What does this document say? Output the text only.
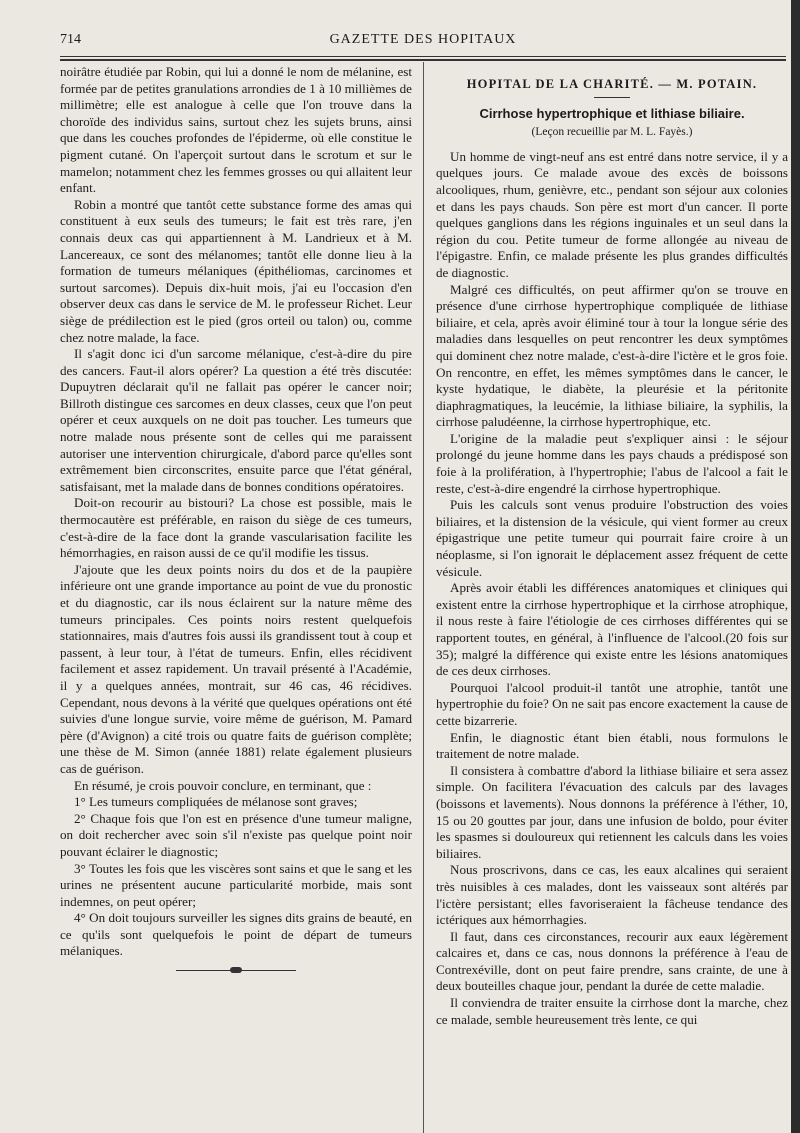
714	GAZETTE DES HOPITAUX

noirâtre étudiée par Robin, qui lui a donné le nom de mélanine, est formée par de petites granulations arrondies de 1 à 10 millièmes de millimètre; elle est analogue à celle que l'on trouve dans la choroïde des individus sains, surtout chez les sujets bruns, ainsi que dans les couches profondes de l'épiderme, où elle constitue le pigment cutané. On l'aperçoit surtout dans le scrotum et sur le mamelon; notamment chez les femmes grosses ou qui allaitent leur enfant.

Robin a montré que tantôt cette substance forme des amas qui constituent à eux seuls des tumeurs; le fait est très rare, j'en connais deux cas qui appartiennent à M. Landrieux et à M. Lancereaux, ce sont des mélanomes; tantôt elle donne lieu à la formation de tumeurs mélaniques (épithéliomas, carcinomes et surtout sarcomes). Depuis dix-huit mois, j'ai eu l'occasion d'en observer deux cas dans le service de M. le professeur Richet. Leur siège de prédilection est le pied (gros orteil ou talon) ou, comme chez notre malade, la face.

Il s'agit donc ici d'un sarcome mélanique, c'est-à-dire du pire des cancers. Faut-il alors opérer? La question a été très discutée: Dupuytren déclarait qu'il ne fallait pas opérer le cancer noir; Billroth distingue ces sarcomes en deux classes, ceux que l'on peut opérer et ceux auxquels on ne doit pas toucher. Les tumeurs que notre malade nous présente sont de celles qui me paraissent autoriser une intervention chirurgicale, d'abord parce qu'elles sont extrêmement bien circonscrites, ensuite parce que l'état général, satisfaisant, met la malade dans de bonnes conditions opératoires.

Doit-on recourir au bistouri? La chose est possible, mais le thermocautère est préférable, en raison du siège de ces tumeurs, c'est-à-dire de la face dont la grande vascularisation facilite les hémorrhagies, en raison aussi de ce qu'il modifie les tissus.

J'ajoute que les deux points noirs du dos et de la paupière inférieure ont une grande importance au point de vue du pronostic et du diagnostic, car ils nous éclairent sur la nature même des tumeurs principales. Ces points noirs restent quelquefois stationnaires, mais d'autres fois aussi ils grandissent tout à coup et passent, à leur tour, à l'état de tumeurs. Enfin, elles récidivent facilement et assez rapidement. Un travail présenté à l'Académie, il y a quelques années, montrait, sur 46 cas, 46 récidives. Cependant, nous devons à la vérité que quelques opérations ont été suivies d'une longue survie, voire même de guérison, M. Pamard père (d'Avignon) a cité trois ou quatre faits de guérison complète; une thèse de M. Simon (année 1881) relate également plusieurs cas de guérison.

En résumé, je crois pouvoir conclure, en terminant, que :

1° Les tumeurs compliquées de mélanose sont graves;

2° Chaque fois que l'on est en présence d'une tumeur maligne, on doit rechercher avec soin s'il n'existe pas quelque point noir pouvant éclairer le diagnostic;

3° Toutes les fois que les viscères sont sains et que le sang et les urines ne présentent aucune particularité morbide, mais sont indemnes, on peut opérer;

4° On doit toujours surveiller les signes dits grains de beauté, en ce qu'ils sont quelquefois le point de départ de tumeurs mélaniques.

HOPITAL DE LA CHARITÉ. — M. POTAIN.
Cirrhose hypertrophique et lithiase biliaire.
(Leçon recueillie par M. L. Fayès.)

Un homme de vingt-neuf ans est entré dans notre service, il y a quelques jours. Ce malade avoue des excès de boissons alcooliques, rhum, genièvre, etc., pendant son séjour aux colonies et dans les pays chauds. Son père est mort d'un cancer. Il porte quelques ganglions dans les régions inguinales et un seul dans la région du cou. Petite tumeur de forme allongée au niveau de l'épigastre. Enfin, ce malade présente les plus grandes difficultés de diagnostic.

Malgré ces difficultés, on peut affirmer qu'on se trouve en présence d'une cirrhose hypertrophique compliquée de lithiase biliaire, et cela, après avoir éliminé tour à tour la longue série des maladies dans lesquelles on peut rencontrer les deux symptômes qui dominent chez notre malade, c'est-à-dire l'ictère et le gros foie. On rencontre, en effet, les mêmes symptômes dans le cancer, le kyste hydatique, le diabète, la pleurésie et la péritonite diaphragmatiques, la leucémie, la lithiase biliaire, la syphilis, la cirrhose paludéenne, la cirrhose hypertrophique, etc.

L'origine de la maladie peut s'expliquer ainsi : le séjour prolongé du jeune homme dans les pays chauds a prédisposé son foie à la prolifération, à l'hypertrophie; l'abus de l'alcool a fait le reste, c'est-à-dire engendré la cirrhose hypertrophique.

Puis les calculs sont venus produire l'obstruction des voies biliaires, et la distension de la vésicule, qui vient former au creux épigastrique une petite tumeur qui pourrait faire croire à un néoplasme, si l'on ignorait le déplacement assez fréquent de cette vésicule.

Après avoir établi les différences anatomiques et cliniques qui existent entre la cirrhose hypertrophique et la cirrhose atrophique, il nous reste à faire l'étiologie de ces cirrhoses différentes qui se rapportent toutes, en général, à l'influence de l'alcool.(20 fois sur 35); malgré la différence qui existe entre les lésions anatomiques de ces deux cirrhoses.

Pourquoi l'alcool produit-il tantôt une atrophie, tantôt une hypertrophie du foie? On ne sait pas encore exactement la cause de cette bizarrerie.

Enfin, le diagnostic étant bien établi, nous formulons le traitement de notre malade.

Il consistera à combattre d'abord la lithiase biliaire et sera assez simple. On facilitera l'évacuation des calculs par des lavages (boissons et lavements). Nous donnons la préférence à l'éther, 10, 15 ou 20 gouttes par jour, dans une infusion de boldo, pour éviter les spasmes si douloureux qui retiennent les calculs dans les voies biliaires.

Nous proscrivons, dans ce cas, les eaux alcalines qui seraient très nuisibles à ces malades, dont les vaisseaux sont altérés par l'ictère persistant; elles favoriseraient la fâcheuse tendance des ictériques aux hémorrhagies.

Il faut, dans ces circonstances, recourir aux eaux légèrement calcaires et, dans ce cas, nous donnons la préférence à l'eau de Contrexéville, dont on peut faire prendre, sans crainte, de une à deux bouteilles chaque jour, pendant la durée de cette maladie.

Il conviendra de traiter ensuite la cirrhose dont la marche, chez ce malade, semble heureusement très lente, ce qui
